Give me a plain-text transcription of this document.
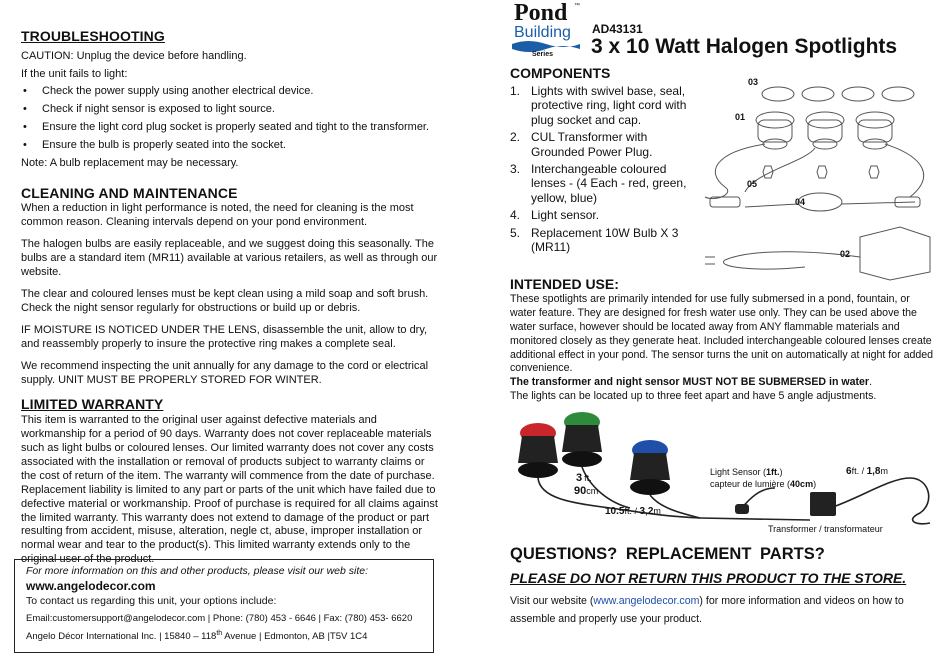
TROUBLESHOOTING
CAUTION: Unplug the device before handling.
If the unit fails to light:
• Check the power supply using another electrical device.
• Check if night sensor is exposed to light source.
• Ensure the light cord plug socket is properly seated and tight to the transformer.
• Ensure the bulb is properly seated into the socket.
Note: A bulb replacement may be necessary.
CLEANING AND MAINTENANCE
When a reduction in light performance is noted, the need for cleaning is the most common reason. Cleaning intervals depend on your pond environment.
The halogen bulbs are easily replaceable, and we suggest doing this seasonally. The bulbs are a standard item (MR11) available at various retailers, as well as through our website.
The clear and coloured lenses must be kept clean using a mild soap and soft brush. Check the night sensor regularly for obstructions or build up or debris.
IF MOISTURE IS NOTICED UNDER THE LENS, disassemble the unit, allow to dry, and reassembly properly to insure the protective ring makes a complete seal.
We recommend inspecting the unit annually for any damage to the cord or electrical supply. UNIT MUST BE PROPERLY STORED FOR WINTER.
LIMITED WARRANTY
This item is warranted to the original user against defective materials and workmanship for a period of 90 days. Warranty does not cover replaceable materials such as light bulbs or coloured lenses. Our limited warranty does not cover any costs associated with the installation or removal of products subject to warranty claims or the cost of return of the item. The warranty will commence from the date of purchase. Replacement liability is limited to any part or parts of the unit which have failed due to defective material or workmanship. Proof of purchase is required for all claims against the limited warranty. This warranty does not extend to damage of the product or part resulting from accident, misuse, alteration, negle ct, abuse, improper installation or normal wear and tear to the product(s). This limited warranty extends only to the original user of the product.
For more information on this and other products, please visit our web site:
www.angelodecor.com
To contact us regarding this unit, your options include:
Email:customersupport@angelodecor.com | Phone: (780) 453 - 6646 | Fax: (780) 453- 6620
Angelo Décor International Inc. | 15840 – 118th Avenue | Edmonton, AB |T5V 1C4
Pond ™
Building
Series
AD43131
3 x 10 Watt Halogen Spotlights
COMPONENTS
1. Lights with swivel base, seal, protective ring, light cord with plug socket and cap.
2. CUL Transformer with Grounded Power Plug.
3. Interchangeable coloured lenses - (4 Each - red, green, yellow, blue)
4. Light sensor.
5. Replacement 10W Bulb X 3 (MR11)
03
01
05
04
02
INTENDED USE:
These spotlights are primarily intended for use fully submersed in a pond, fountain, or water feature. They are designed for fresh water use only. They can be used above the water surface, however should be located away from ANY flammable materials and monitored closely as they generate heat. Included interchangeable coloured lenses create additional effect in your pond. The sensor turns the unit on automatically at night for added convenience.
The transformer and night sensor MUST NOT BE SUBMERSED in water.
The lights can be located up to three feet apart and have 5 angle adjustments.
3 ft.
90cm
10.5ft. / 3,2m
Light Sensor (1ft.)
capteur de lumière (40cm)
6ft. / 1,8m
Transformer / transformateur
QUESTIONS? REPLACEMENT PARTS?
PLEASE DO NOT RETURN THIS PRODUCT TO THE STORE.
Visit our website (www.angelodecor.com) for more information and videos on how to assemble and properly use your product.
